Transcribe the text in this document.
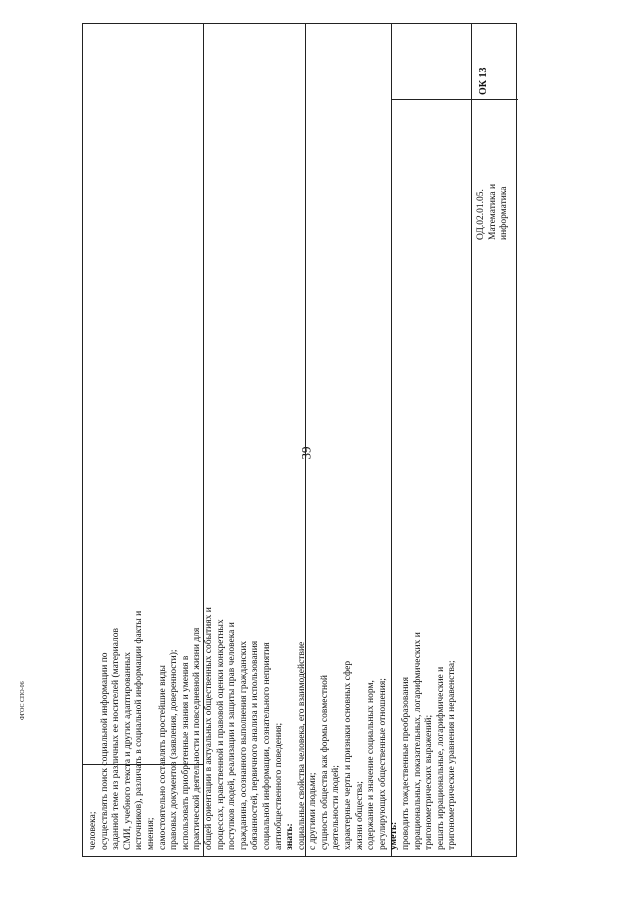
39
ФГОС СПО-06
человека; осуществлять поиск социальной информации по заданной теме из различных ее носителей (материалов СМИ, учебного текста и других адаптированных источников), различать в социальной информации факты и мнения; самостоятельно составлять простейшие виды правовых документов (заявления, доверенности); использовать приобретенные знания и умения в практической деятельности и повседневной жизни для общей ориентации в актуальных общественных событиях и процессах, нравственной и правовой оценки конкретных поступков людей, реализации и защиты прав человека и гражданина, осознанного выполнения гражданских обязанностей, первичного анализа и использования социальной информации, сознательного неприятия антиобщественного поведения; знать: социальные свойства человека, его взаимодействие с другими людьми; сущность общества как формы совместной деятельности людей; характерные черты и признаки основных сфер жизни общества; содержание и значение социальных норм, регулирующих общественные отношения; уметь: проводить тождественные преобразования иррациональных, показательных, логарифмических и тригонометрических выражений; решать иррациональные, логарифмические и тригонометрические уравнения и неравенства;
ОД.02.01.05. Математика и информатика
ОК 13
